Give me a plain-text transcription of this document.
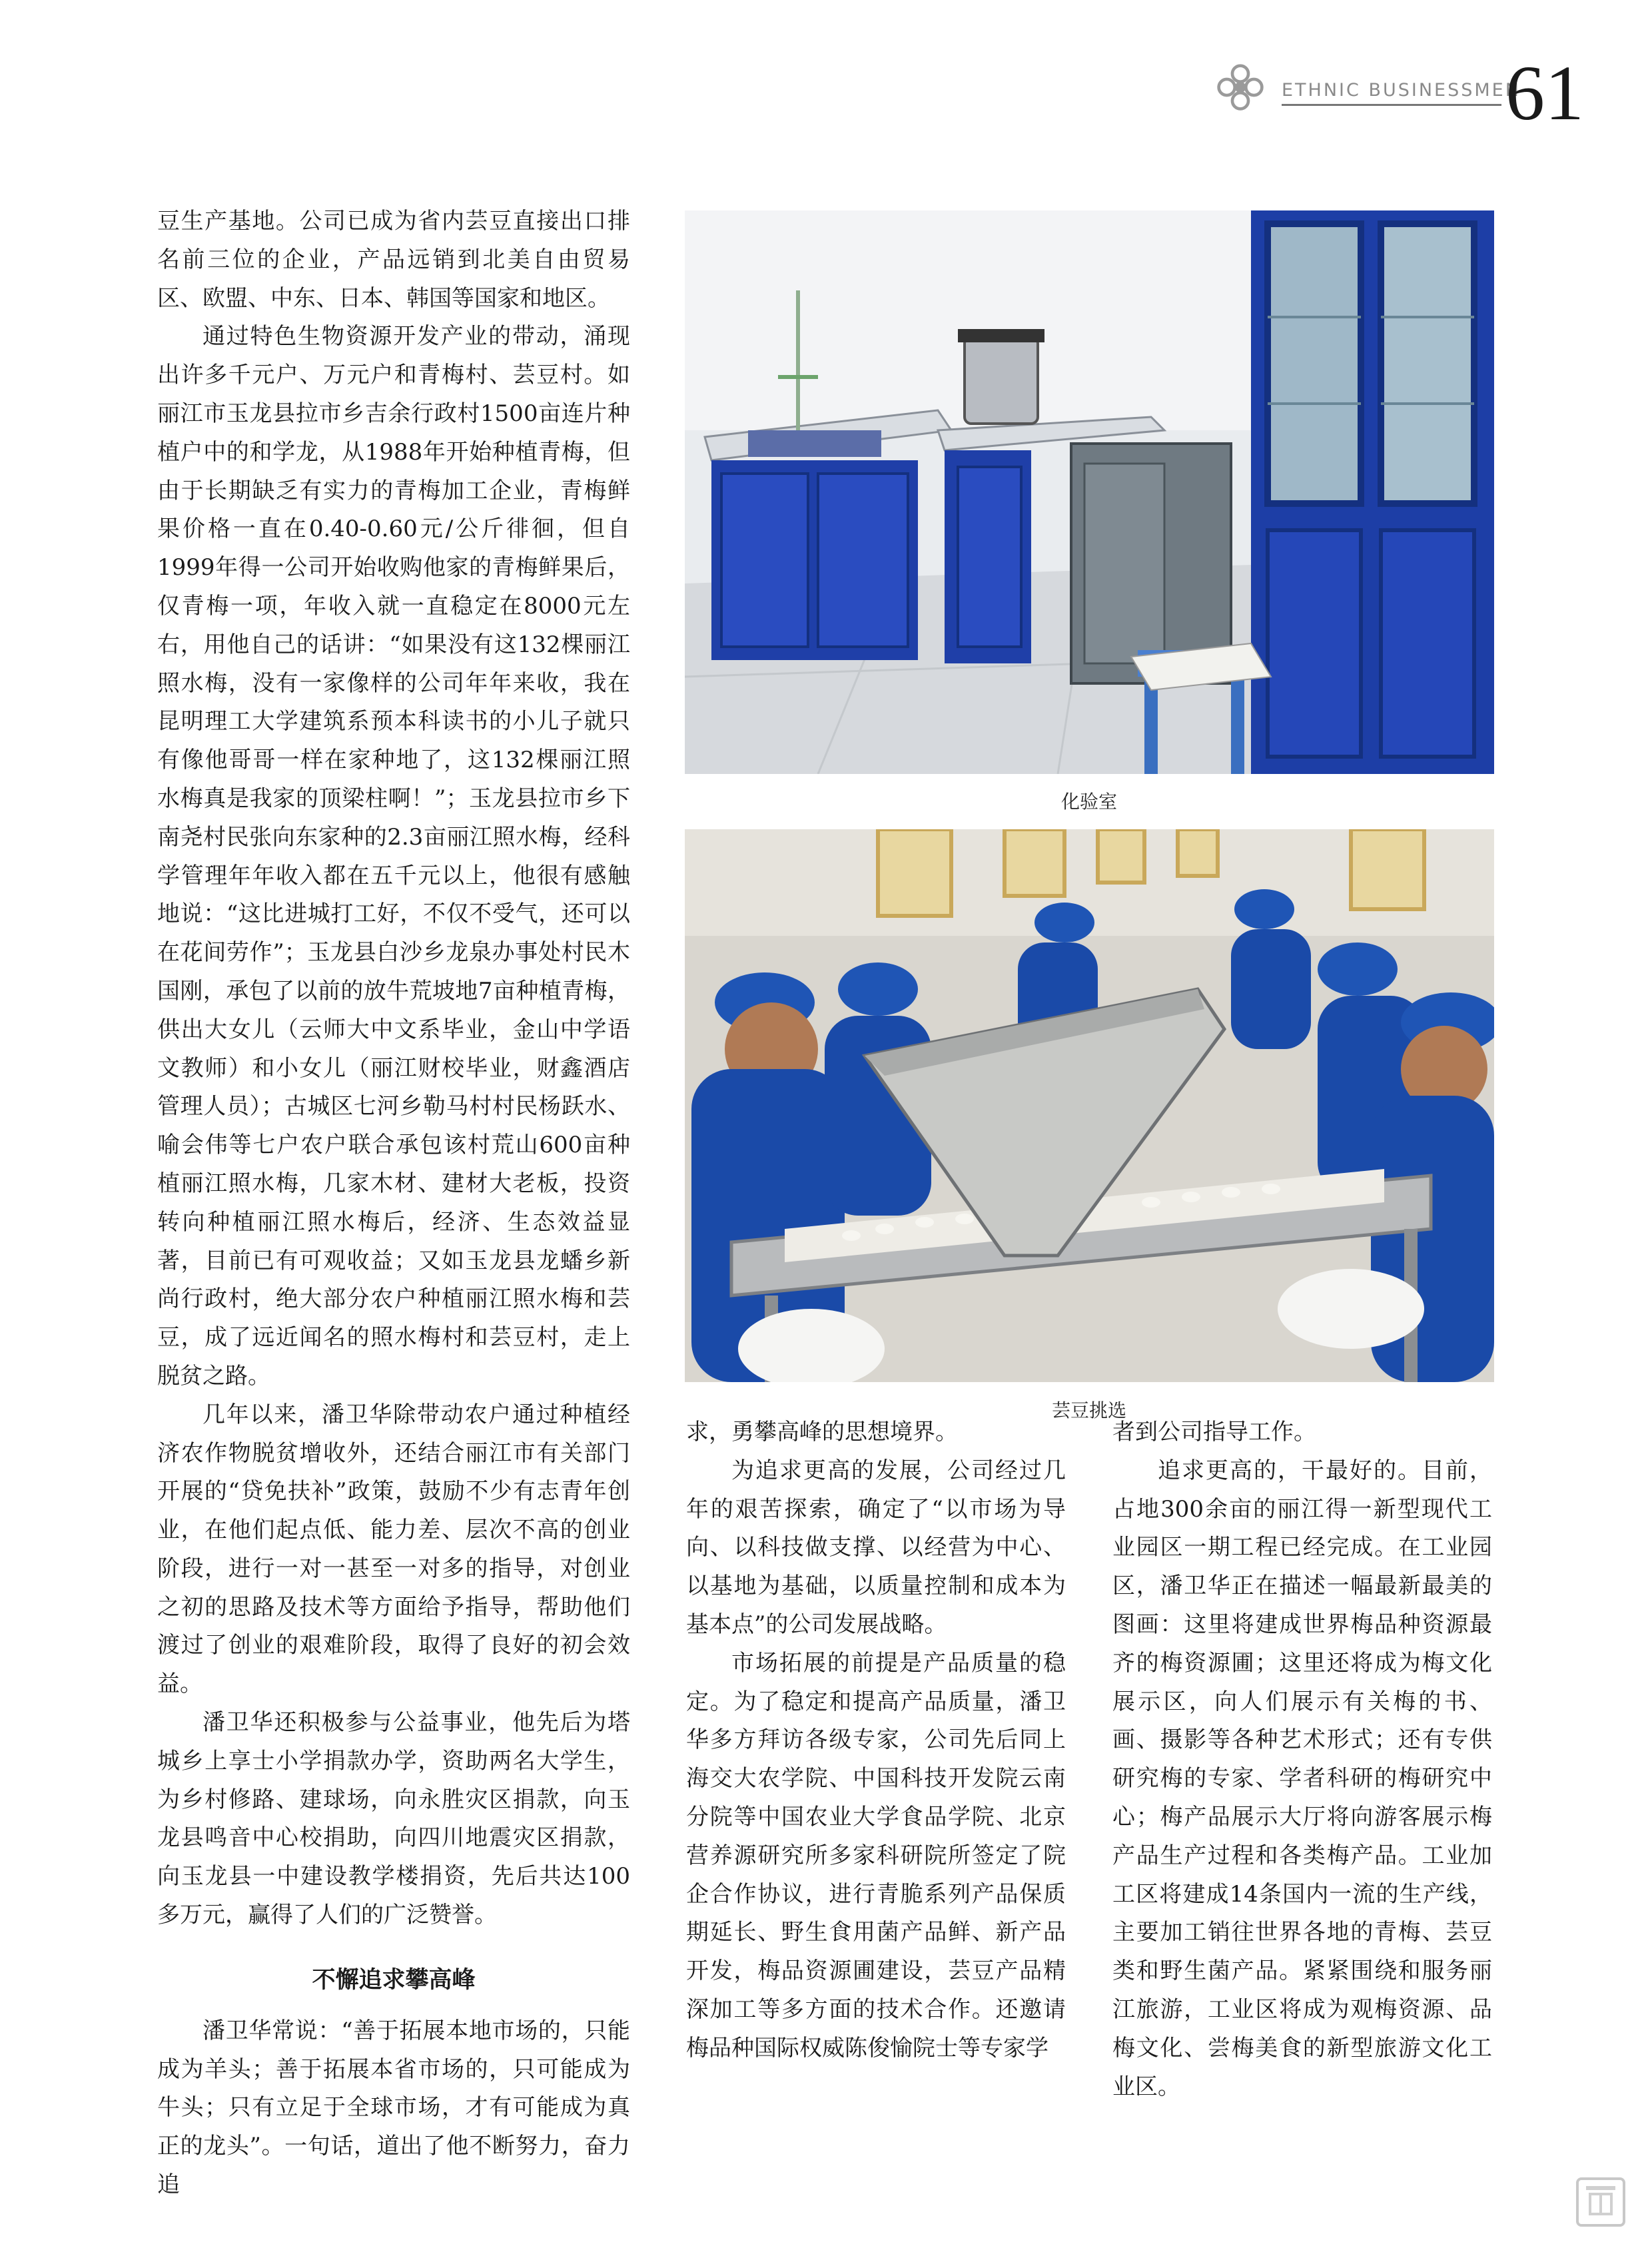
ETHNIC BUSINESSMEN
61

豆生产基地。公司已成为省内芸豆直接出口排名前三位的企业，产品远销到北美自由贸易区、欧盟、中东、日本、韩国等国家和地区。

通过特色生物资源开发产业的带动，涌现出许多千元户、万元户和青梅村、芸豆村。如丽江市玉龙县拉市乡吉余行政村1500亩连片种植户中的和学龙，从1988年开始种植青梅，但由于长期缺乏有实力的青梅加工企业，青梅鲜果价格一直在0.40-0.60元/公斤徘徊，但自1999年得一公司开始收购他家的青梅鲜果后，仅青梅一项，年收入就一直稳定在8000元左右，用他自己的话讲：“如果没有这132棵丽江照水梅，没有一家像样的公司年年来收，我在昆明理工大学建筑系预本科读书的小儿子就只有像他哥哥一样在家种地了，这132棵丽江照水梅真是我家的顶梁柱啊！”；玉龙县拉市乡下南尧村民张向东家种的2.3亩丽江照水梅，经科学管理年年收入都在五千元以上，他很有感触地说：“这比进城打工好，不仅不受气，还可以在花间劳作”；玉龙县白沙乡龙泉办事处村民木国刚，承包了以前的放牛荒坡地7亩种植青梅，供出大女儿（云师大中文系毕业，金山中学语文教师）和小女儿（丽江财校毕业，财鑫酒店管理人员）；古城区七河乡勒马村村民杨跃水、喻会伟等七户农户联合承包该村荒山600亩种植丽江照水梅，几家木材、建材大老板，投资转向种植丽江照水梅后，经济、生态效益显著，目前已有可观收益；又如玉龙县龙蟠乡新尚行政村，绝大部分农户种植丽江照水梅和芸豆，成了远近闻名的照水梅村和芸豆村，走上脱贫之路。

几年以来，潘卫华除带动农户通过种植经济农作物脱贫增收外，还结合丽江市有关部门开展的“贷免扶补”政策，鼓励不少有志青年创业，在他们起点低、能力差、层次不高的创业阶段，进行一对一甚至一对多的指导，对创业之初的思路及技术等方面给予指导，帮助他们渡过了创业的艰难阶段，取得了良好的初会效益。

潘卫华还积极参与公益事业，他先后为塔城乡上享士小学捐款办学，资助两名大学生，为乡村修路、建球场，向永胜灾区捐款，向玉龙县鸣音中心校捐助，向四川地震灾区捐款，向玉龙县一中建设教学楼捐资，先后共达100多万元，赢得了人们的广泛赞誉。

不懈追求攀高峰

潘卫华常说：“善于拓展本地市场的，只能成为羊头；善于拓展本省市场的，只可能成为牛头；只有立足于全球市场，才有可能成为真正的龙头”。一句话，道出了他不断努力，奋力追

化验室
芸豆挑选

求，勇攀高峰的思想境界。

为追求更高的发展，公司经过几年的艰苦探索，确定了“以市场为导向、以科技做支撑、以经营为中心、以基地为基础，以质量控制和成本为基本点”的公司发展战略。

市场拓展的前提是产品质量的稳定。为了稳定和提高产品质量，潘卫华多方拜访各级专家，公司先后同上海交大农学院、中国科技开发院云南分院等中国农业大学食品学院、北京营养源研究所多家科研院所签定了院企合作协议，进行青脆系列产品保质期延长、野生食用菌产品鲜、新产品开发，梅品资源圃建设，芸豆产品精深加工等多方面的技术合作。还邀请梅品种国际权威陈俊愉院士等专家学

者到公司指导工作。

追求更高的，干最好的。目前，占地300余亩的丽江得一新型现代工业园区一期工程已经完成。在工业园区，潘卫华正在描述一幅最新最美的图画：这里将建成世界梅品种资源最齐的梅资源圃；这里还将成为梅文化展示区，向人们展示有关梅的书、画、摄影等各种艺术形式；还有专供研究梅的专家、学者科研的梅研究中心；梅产品展示大厅将向游客展示梅产品生产过程和各类梅产品。工业加工区将建成14条国内一流的生产线，主要加工销往世界各地的青梅、芸豆类和野生菌产品。紧紧围绕和服务丽江旅游，工业区将成为观梅资源、品梅文化、尝梅美食的新型旅游文化工业区。
